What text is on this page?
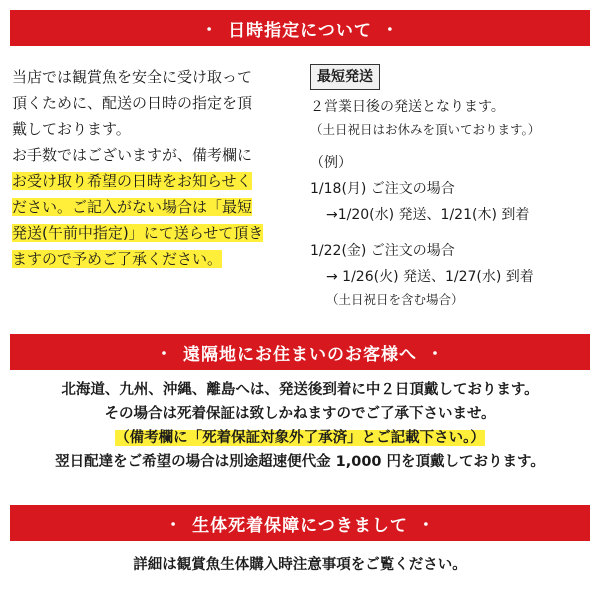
・ 日時指定について ・
当店では観賞魚を安全に受け取って
頂くために、配送の日時の指定を頂
戴しております。
お手数ではございますが、備考欄に
お受け取り希望の日時をお知らせく
ださい。ご記入がない場合は「最短
発送(午前中指定)」にて送らせて頂き
ますので予めご了承ください。
最短発送
２営業日後の発送となります。
（土日祝日はお休みを頂いております。）
（例）
1/18(月) ご注文の場合
→1/20(水) 発送、1/21(木) 到着
1/22(金) ご注文の場合
→ 1/26(火) 発送、1/27(水) 到着
（土日祝日を含む場合）
・ 遠隔地にお住まいのお客様へ ・
北海道、九州、沖縄、離島へは、発送後到着に中２日頂戴しております。
その場合は死着保証は致しかねますのでご了承下さいませ。
（備考欄に「死着保証対象外了承済」とご記載下さい。）
翌日配達をご希望の場合は別途超速便代金 1,000 円を頂戴しております。
・ 生体死着保障につきまして ・
詳細は観賞魚生体購入時注意事項をご覧ください。
